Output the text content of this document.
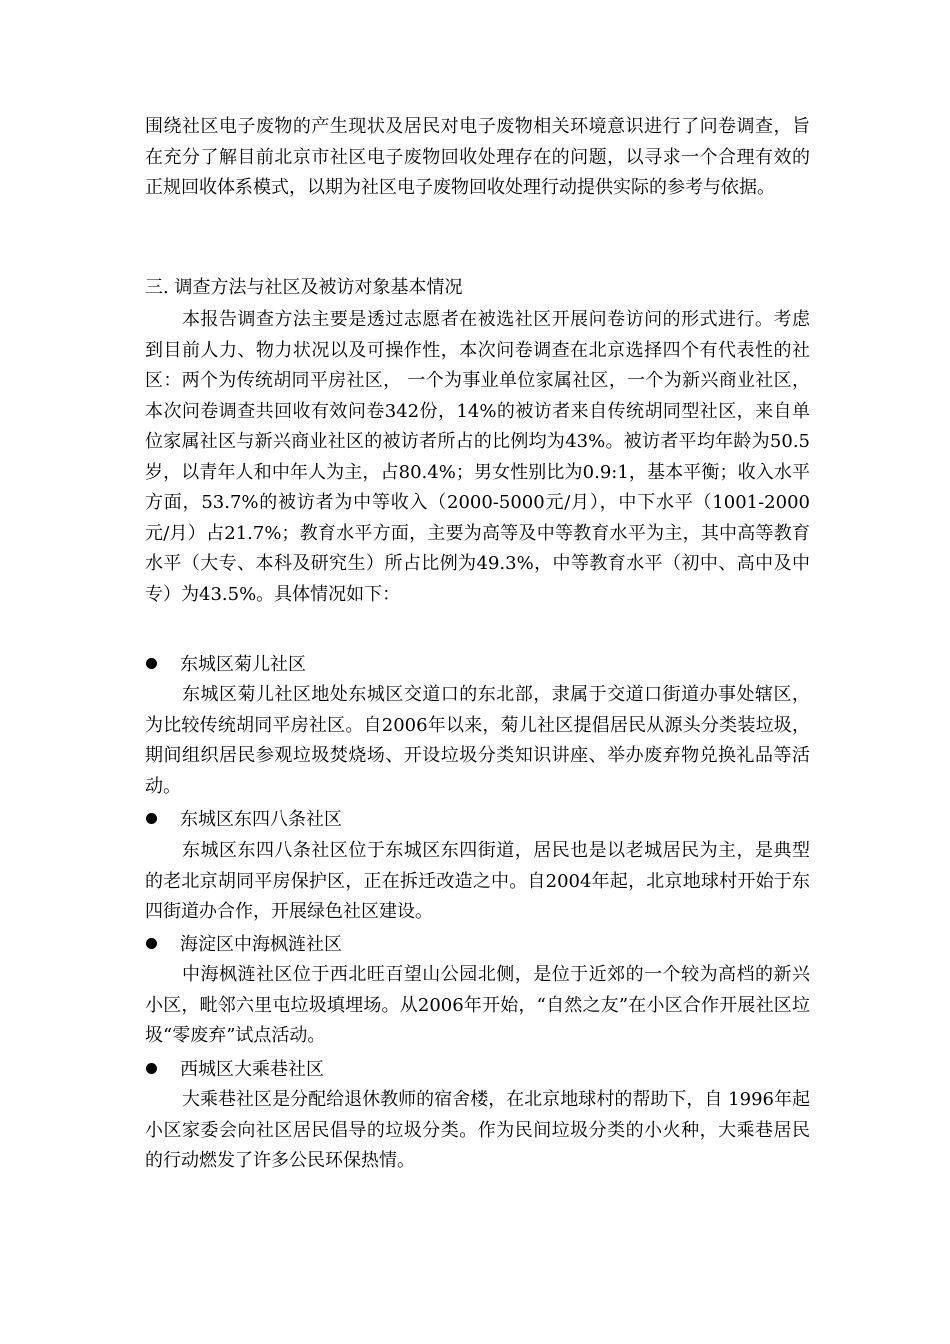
围绕社区电子废物的产生现状及居民对电子废物相关环境意识进行了问卷调查，旨在充分了解目前北京市社区电子废物回收处理存在的问题，以寻求一个合理有效的正规回收体系模式，以期为社区电子废物回收处理行动提供实际的参考与依据。

三. 调查方法与社区及被访对象基本情况

本报告调查方法主要是透过志愿者在被选社区开展问卷访问的形式进行。考虑到目前人力、物力状况以及可操作性，本次问卷调查在北京选择四个有代表性的社区：两个为传统胡同平房社区， 一个为事业单位家属社区，一个为新兴商业社区，本次问卷调查共回收有效问卷342份，14%的被访者来自传统胡同型社区，来自单位家属社区与新兴商业社区的被访者所占的比例均为43%。被访者平均年龄为50.5岁，以青年人和中年人为主，占80.4%；男女性别比为0.9:1，基本平衡；收入水平方面，53.7%的被访者为中等收入（2000-5000元/月），中下水平（1001-2000 元/月）占21.7%；教育水平方面，主要为高等及中等教育水平为主，其中高等教育水平（大专、本科及研究生）所占比例为49.3%，中等教育水平（初中、高中及中专）为43.5%。具体情况如下：

东城区菊儿社区

东城区菊儿社区地处东城区交道口的东北部，隶属于交道口街道办事处辖区，为比较传统胡同平房社区。自2006年以来，菊儿社区提倡居民从源头分类装垃圾，期间组织居民参观垃圾焚烧场、开设垃圾分类知识讲座、举办废弃物兑换礼品等活动。

东城区东四八条社区

东城区东四八条社区位于东城区东四街道，居民也是以老城居民为主，是典型的老北京胡同平房保护区，正在拆迁改造之中。自2004年起，北京地球村开始于东四街道办合作，开展绿色社区建设。

海淀区中海枫涟社区

中海枫涟社区位于西北旺百望山公园北侧，是位于近郊的一个较为高档的新兴小区，毗邻六里屯垃圾填埋场。从2006年开始，“自然之友”在小区合作开展社区垃圾“零废弃”试点活动。

西城区大乘巷社区

大乘巷社区是分配给退休教师的宿舍楼，在北京地球村的帮助下，自 1996年起小区家委会向社区居民倡导的垃圾分类。作为民间垃圾分类的小火种，大乘巷居民的行动燃发了许多公民环保热情。
